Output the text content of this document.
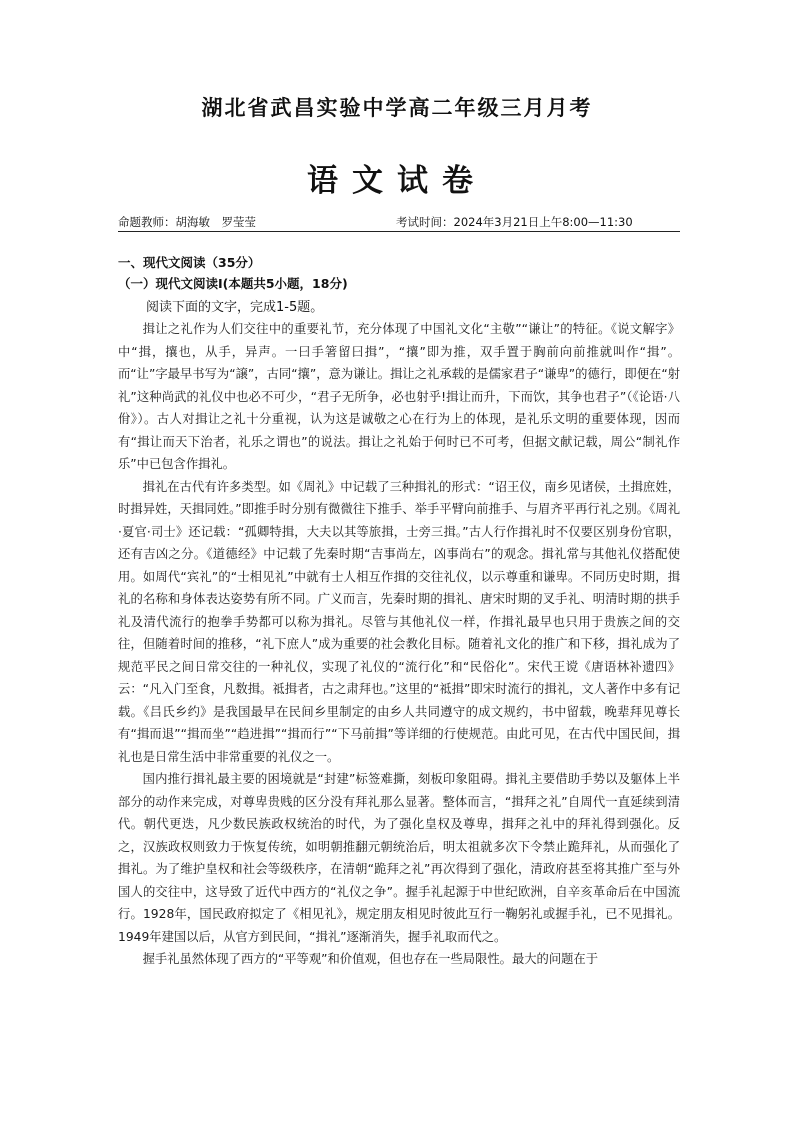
湖北省武昌实验中学高二年级三月月考
语文试卷
命题教师：胡海敏　罗莹莹	考试时间：2024年3月21日上午8:00—11:30
一、现代文阅读（35分）
（一）现代文阅读Ⅰ(本题共5小题，18分)
阅读下面的文字，完成1-5题。

揖让之礼作为人们交往中的重要礼节，充分体现了中国礼文化“主敬”“谦让”的特征。《说文解字》中“揖，攘也，从手，异声。一曰手箸留曰揖”，“攘”即为推，双手置于胸前向前推就叫作“揖”。而“让”字最早书写为“譲”，古同“攘”，意为谦让。揖让之礼承载的是儒家君子“谦卑”的德行，即便在“射礼”这种尚武的礼仪中也必不可少，“君子无所争，必也射乎!揖让而升，下而饮，其争也君子”（《论语·八佾》）。古人对揖让之礼十分重视，认为这是诚敬之心在行为上的体现，是礼乐文明的重要体现，因而有“揖让而天下治者，礼乐之谓也”的说法。揖让之礼始于何时已不可考，但据文献记载，周公“制礼作乐”中已包含作揖礼。

揖礼在古代有许多类型。如《周礼》中记载了三种揖礼的形式：“诏王仪，南乡见诸侯，土揖庶姓，时揖异姓，天揖同姓。”即推手时分别有微微往下推手、举手平臂向前推手、与眉齐平再行礼之别。《周礼·夏官·司士》还记载：“孤卿特揖，大夫以其等旅揖，士旁三揖。”古人行作揖礼时不仅要区别身份官职，还有吉凶之分。《道德经》中记载了先秦时期“吉事尚左，凶事尚右”的观念。揖礼常与其他礼仪搭配使用。如周代“宾礼”的“士相见礼”中就有士人相互作揖的交往礼仪，以示尊重和谦卑。不同历史时期，揖礼的名称和身体表达姿势有所不同。广义而言，先秦时期的揖礼、唐宋时期的叉手礼、明清时期的拱手礼及清代流行的抱拳手势都可以称为揖礼。尽管与其他礼仪一样，作揖礼最早也只用于贵族之间的交往，但随着时间的推移，“礼下庶人”成为重要的社会教化目标。随着礼文化的推广和下移，揖礼成为了规范平民之间日常交往的一种礼仪，实现了礼仪的“流行化”和“民俗化”。宋代王谠《唐语林补遗四》云：“凡入门至食，凡数揖。祗揖者，古之肃拜也。”这里的“祗揖”即宋时流行的揖礼，文人著作中多有记载。《吕氏乡约》是我国最早在民间乡里制定的由乡人共同遵守的成文规约，书中留载，晚辈拜见尊长有“揖而退”“揖而坐”“趋进揖”“揖而行”“下马前揖”等详细的行使规范。由此可见，在古代中国民间，揖礼也是日常生活中非常重要的礼仪之一。

国内推行揖礼最主要的困境就是“封建”标签难撕，刻板印象阻碍。揖礼主要借助手势以及躯体上半部分的动作来完成，对尊卑贵贱的区分没有拜礼那么显著。整体而言，“揖拜之礼”自周代一直延续到清代。朝代更迭，凡少数民族政权统治的时代，为了强化皇权及尊卑，揖拜之礼中的拜礼得到强化。反之，汉族政权则致力于恢复传统，如明朝推翻元朝统治后，明太祖就多次下令禁止跪拜礼，从而强化了揖礼。为了维护皇权和社会等级秩序，在清朝“跪拜之礼”再次得到了强化，清政府甚至将其推广至与外国人的交往中，这导致了近代中西方的“礼仪之争”。握手礼起源于中世纪欧洲，自辛亥革命后在中国流行。1928年，国民政府拟定了《相见礼》，规定朋友相见时彼此互行一鞠躬礼或握手礼，已不见揖礼。1949年建国以后，从官方到民间，“揖礼”逐渐消失，握手礼取而代之。

握手礼虽然体现了西方的“平等观”和价值观，但也存在一些局限性。最大的问题在于
